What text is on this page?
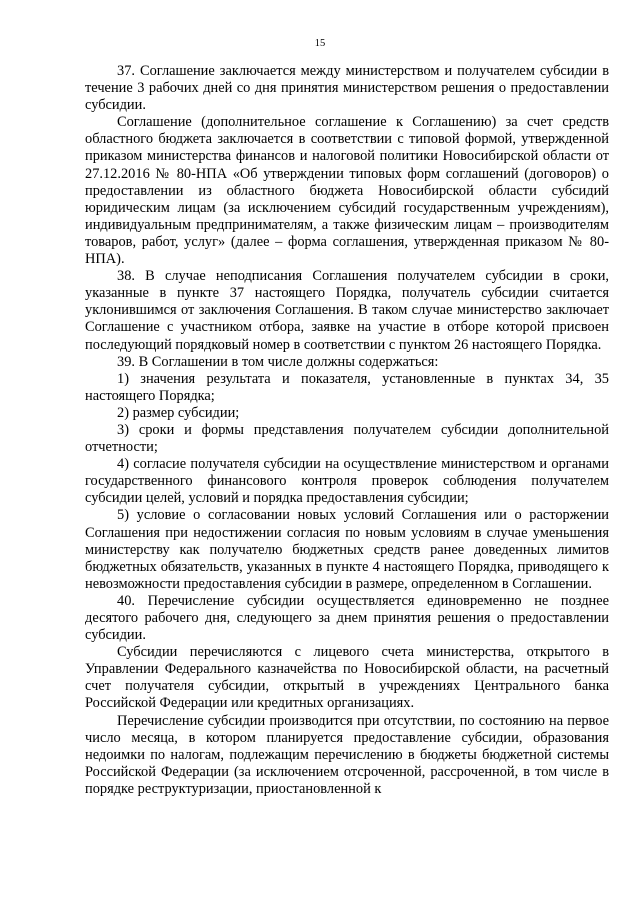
15

37. Соглашение заключается между министерством и получателем субсидии в течение 3 рабочих дней со дня принятия министерством решения о предоставлении субсидии.

Соглашение (дополнительное соглашение к Соглашению) за счет средств областного бюджета заключается в соответствии с типовой формой, утвержденной приказом министерства финансов и налоговой политики Новосибирской области от 27.12.2016 № 80-НПА «Об утверждении типовых форм соглашений (договоров) о предоставлении из областного бюджета Новосибирской области субсидий юридическим лицам (за исключением субсидий государственным учреждениям), индивидуальным предпринимателям, а также физическим лицам – производителям товаров, работ, услуг» (далее – форма соглашения, утвержденная приказом № 80-НПА).

38. В случае неподписания Соглашения получателем субсидии в сроки, указанные в пункте 37 настоящего Порядка, получатель субсидии считается уклонившимся от заключения Соглашения. В таком случае министерство заключает Соглашение с участником отбора, заявке на участие в отборе которой присвоен последующий порядковый номер в соответствии с пунктом 26 настоящего Порядка.

39. В Соглашении в том числе должны содержаться:

1) значения результата и показателя, установленные в пунктах 34, 35 настоящего Порядка;

2) размер субсидии;

3) сроки и формы представления получателем субсидии дополнительной отчетности;

4) согласие получателя субсидии на осуществление министерством и органами государственного финансового контроля проверок соблюдения получателем субсидии целей, условий и порядка предоставления субсидии;

5) условие о согласовании новых условий Соглашения или о расторжении Соглашения при недостижении согласия по новым условиям в случае уменьшения министерству как получателю бюджетных средств ранее доведенных лимитов бюджетных обязательств, указанных в пункте 4 настоящего Порядка, приводящего к невозможности предоставления субсидии в размере, определенном в Соглашении.

40. Перечисление субсидии осуществляется единовременно не позднее десятого рабочего дня, следующего за днем принятия решения о предоставлении субсидии.

Субсидии перечисляются с лицевого счета министерства, открытого в Управлении Федерального казначейства по Новосибирской области, на расчетный счет получателя субсидии, открытый в учреждениях Центрального банка Российской Федерации или кредитных организациях.

Перечисление субсидии производится при отсутствии, по состоянию на первое число месяца, в котором планируется предоставление субсидии, образования недоимки по налогам, подлежащим перечислению в бюджеты бюджетной системы Российской Федерации (за исключением отсроченной, рассроченной, в том числе в порядке реструктуризации, приостановленной к
